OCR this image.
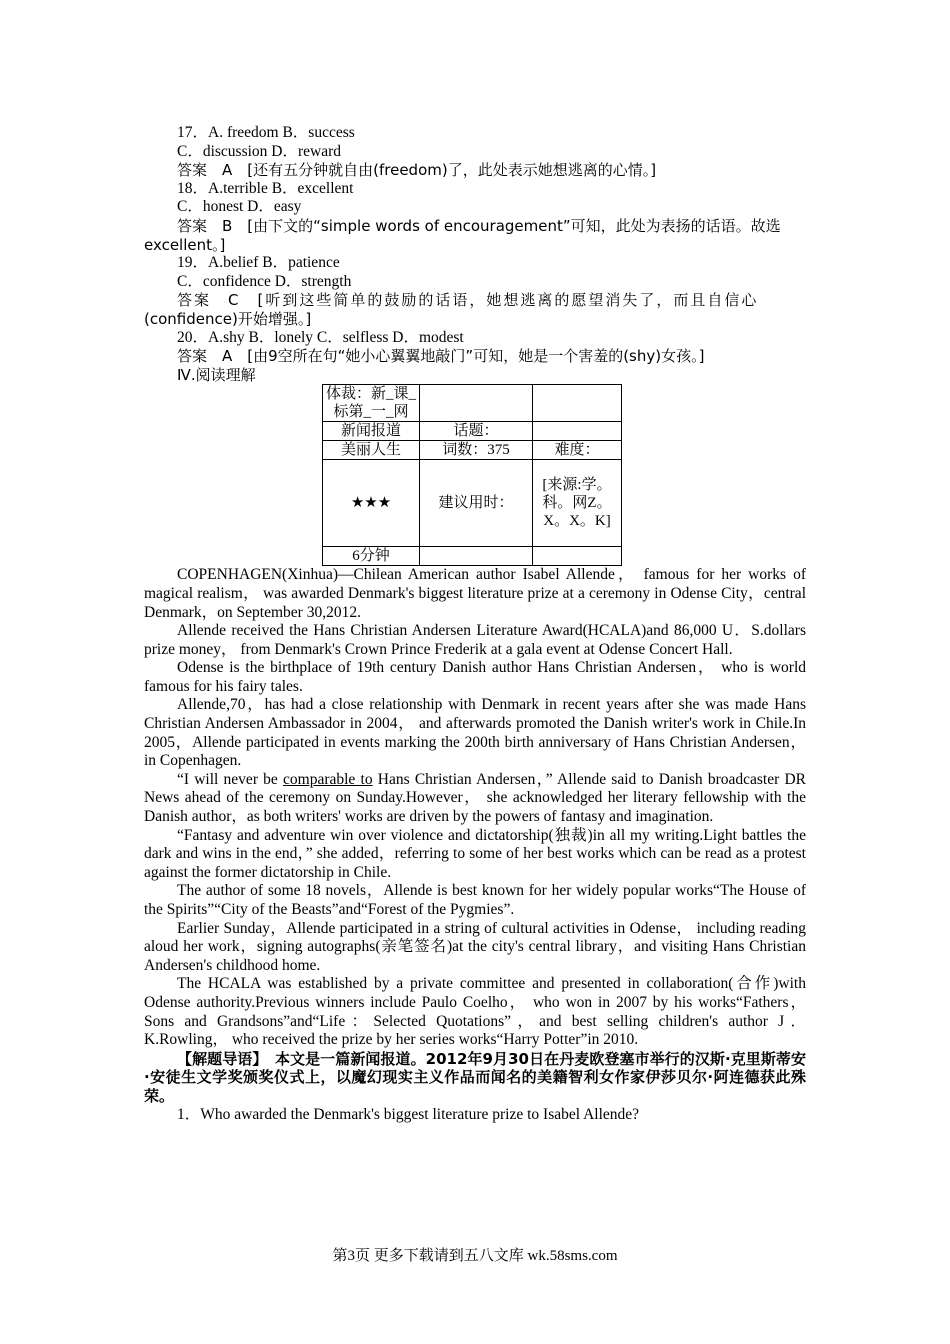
17．A. freedom B．success
C．discussion D．reward
答案　A　[还有五分钟就自由(freedom)了，此处表示她想逃离的心情。]
18．A.terrible B．excellent
C．honest D．easy
答案　B　[由下文的“simple words of encouragement”可知，此处为表扬的话语。故选
excellent。]
19．A.belief B．patience
C．confidence D．strength
答案　C　[听到这些简单的鼓励的话语，她想逃离的愿望消失了，而且自信心
(confidence)开始增强。]
20．A.shy B．lonely C．selfless D．modest
答案　A　[由9空所在句“她小心翼翼地敲门”可知，她是一个害羞的(shy)女孩。]
Ⅳ.阅读理解
体裁：新_课_标第_一_网		
新闻报道	话题：	
美丽人生	词数：375	难度：
★★★	建议用时：	[来源:学。科。网Z。X。X。K]
6分钟		

COPENHAGEN(Xinhua)—Chilean American author Isabel Allende， famous for her works of magical realism， was awarded Denmark's biggest literature prize at a ceremony in Odense City，central Denmark，on September 30,2012.

Allende received the Hans Christian Andersen Literature Award(HCALA)and 86,000 U．S.dollars prize money， from Denmark's Crown Prince Frederik at a gala event at Odense Concert Hall.

Odense is the birthplace of 19th century Danish author Hans Christian Andersen， who is world famous for his fairy tales.

Allende,70，has had a close relationship with Denmark in recent years after she was made Hans Christian Andersen Ambassador in 2004， and afterwards promoted the Danish writer's work in Chile.In 2005，Allende participated in events marking the 200th birth anniversary of Hans Christian Andersen，in Copenhagen.

“I will never be comparable to Hans Christian Andersen，” Allende said to Danish broadcaster DR News ahead of the ceremony on Sunday.However， she acknowledged her literary fellowship with the Danish author，as both writers' works are driven by the powers of fantasy and imagination.

“Fantasy and adventure win over violence and dictatorship(独裁)in all my writing.Light battles the dark and wins in the end，” she added，referring to some of her best works which can be read as a protest against the former dictatorship in Chile.

The author of some 18 novels，Allende is best known for her widely popular works“The House of the Spirits”“City of the Beasts”and“Forest of the Pygmies”.

Earlier Sunday，Allende participated in a string of cultural activities in Odense， including reading aloud her work，signing autographs(亲笔签名)at the city's central library，and visiting Hans Christian Andersen's childhood home.

The HCALA was established by a private committee and presented in collaboration(合作)with Odense authority.Previous winners include Paulo Coelho， who won in 2007 by his works“Fathers，Sons and Grandsons”and“Life：Selected Quotations”，and best selling children's author J． K.Rowling， who received the prize by her series works“Harry Potter”in 2010.

【解题导语】　本文是一篇新闻报道。2012年9月30日在丹麦欧登塞市举行的汉斯·克里斯蒂安·安徒生文学奖颁奖仪式上，以魔幻现实主义作品而闻名的美籍智利女作家伊莎贝尔·阿连德获此殊荣。

1．Who awarded the Denmark's biggest literature prize to Isabel Allende?

第3页 更多下载请到五八文库 wk.58sms.com
